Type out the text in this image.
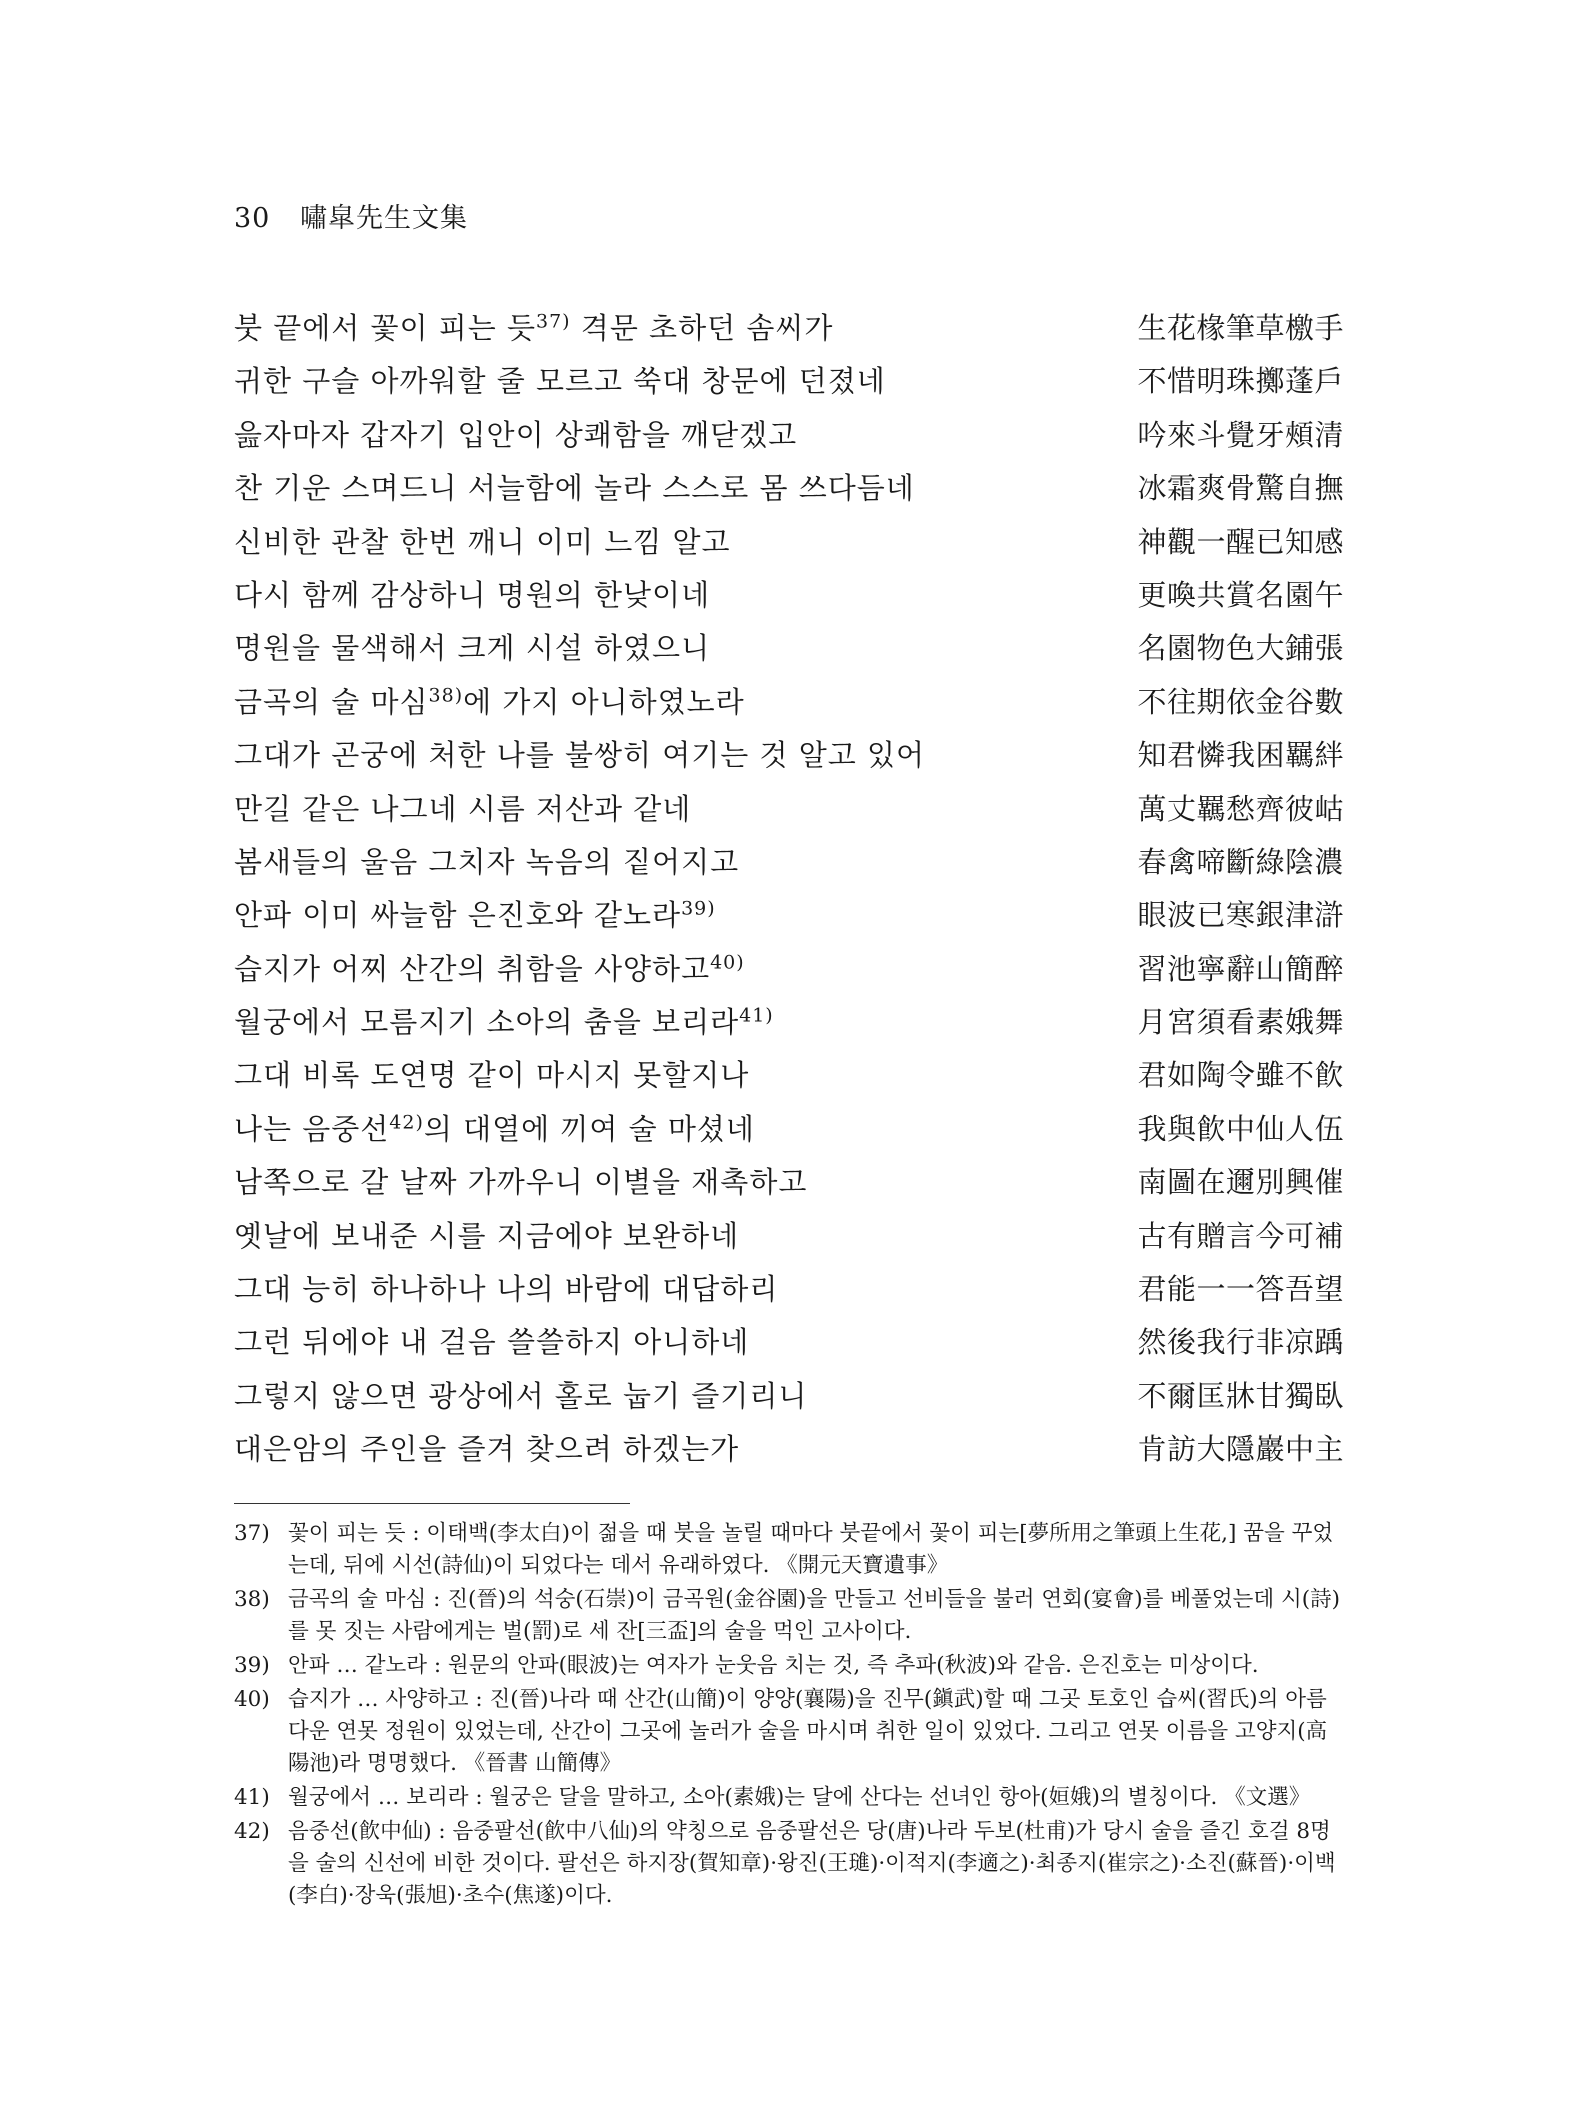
30 嘯皐先生文集
붓 끝에서 꽃이 피는 듯$^{37)}$ 격문 초하던 솜씨가	生花椽筆草檄手
귀한 구슬 아까워할 줄 모르고 쑥대 창문에 던졌네	不惜明珠擲蓬戶
읊자마자 갑자기 입안이 상쾌함을 깨닫겠고	吟來斗覺牙頰清
찬 기운 스며드니 서늘함에 놀라 스스로 몸 쓰다듬네	冰霜爽骨驚自撫
신비한 관찰 한번 깨니 이미 느낌 알고	神觀一醒已知感
다시 함께 감상하니 명원의 한낮이네	更喚共賞名園午
명원을 물색해서 크게 시설 하였으니	名園物色大鋪張
금곡의 술 마심$^{38)}$에 가지 아니하였노라	不往期依金谷數
그대가 곤궁에 처한 나를 불쌍히 여기는 것 알고 있어	知君憐我困羈絆
만길 같은 나그네 시름 저산과 같네	萬丈羈愁齊彼岵
봄새들의 울음 그치자 녹음의 짙어지고	春禽啼斷綠陰濃
안파 이미 싸늘함 은진호와 같노라$^{39)}$	眼波已寒銀津滸
습지가 어찌 산간의 취함을 사양하고$^{40)}$	習池寧辭山簡醉
월궁에서 모름지기 소아의 춤을 보리라$^{41)}$	月宮須看素娥舞
그대 비록 도연명 같이 마시지 못할지나	君如陶令雖不飮
나는 음중선$^{42)}$의 대열에 끼여 술 마셨네	我與飮中仙人伍
남쪽으로 갈 날짜 가까우니 이별을 재촉하고	南圖在邇別興催
옛날에 보내준 시를 지금에야 보완하네	古有贈言今可補
그대 능히 하나하나 나의 바람에 대답하리	君能一一答吾望
그런 뒤에야 내 걸음 쓸쓸하지 아니하네	然後我行非凉踽
그렇지 않으면 광상에서 홀로 눕기 즐기리니	不爾匡牀甘獨臥
대은암의 주인을 즐겨 찾으려 하겠는가	肯訪大隱巖中主
37) 꽃이 피는 듯 : 이태백(李太白)이 젊을 때 붓을 놀릴 때마다 붓끝에서 꽃이 피는[夢所用之筆頭上生花,] 꿈을 꾸었는데, 뒤에 시선(詩仙)이 되었다는 데서 유래하였다. 《開元天寶遺事》
38) 금곡의 술 마심 : 진(晉)의 석숭(石崇)이 금곡원(金谷園)을 만들고 선비들을 불러 연회(宴會)를 베풀었는데 시(詩)를 못 짓는 사람에게는 벌(罰)로 세 잔[三盃]의 술을 먹인 고사이다.
39) 안파 … 같노라 : 원문의 안파(眼波)는 여자가 눈웃음 치는 것, 즉 추파(秋波)와 같음. 은진호는 미상이다.
40) 습지가 … 사양하고 : 진(晉)나라 때 산간(山簡)이 양양(襄陽)을 진무(鎭武)할 때 그곳 토호인 습씨(習氏)의 아름다운 연못 정원이 있었는데, 산간이 그곳에 놀러가 술을 마시며 취한 일이 있었다. 그리고 연못 이름을 고양지(高陽池)라 명명했다. 《晉書 山簡傳》
41) 월궁에서 … 보리라 : 월궁은 달을 말하고, 소아(素娥)는 달에 산다는 선녀인 항아(姮娥)의 별칭이다. 《文選》
42) 음중선(飮中仙) : 음중팔선(飮中八仙)의 약칭으로 음중팔선은 당(唐)나라 두보(杜甫)가 당시 술을 즐긴 호걸 8명을 술의 신선에 비한 것이다. 팔선은 하지장(賀知章)·왕진(王璡)·이적지(李適之)·최종지(崔宗之)·소진(蘇晉)·이백(李白)·장욱(張旭)·초수(焦遂)이다.
